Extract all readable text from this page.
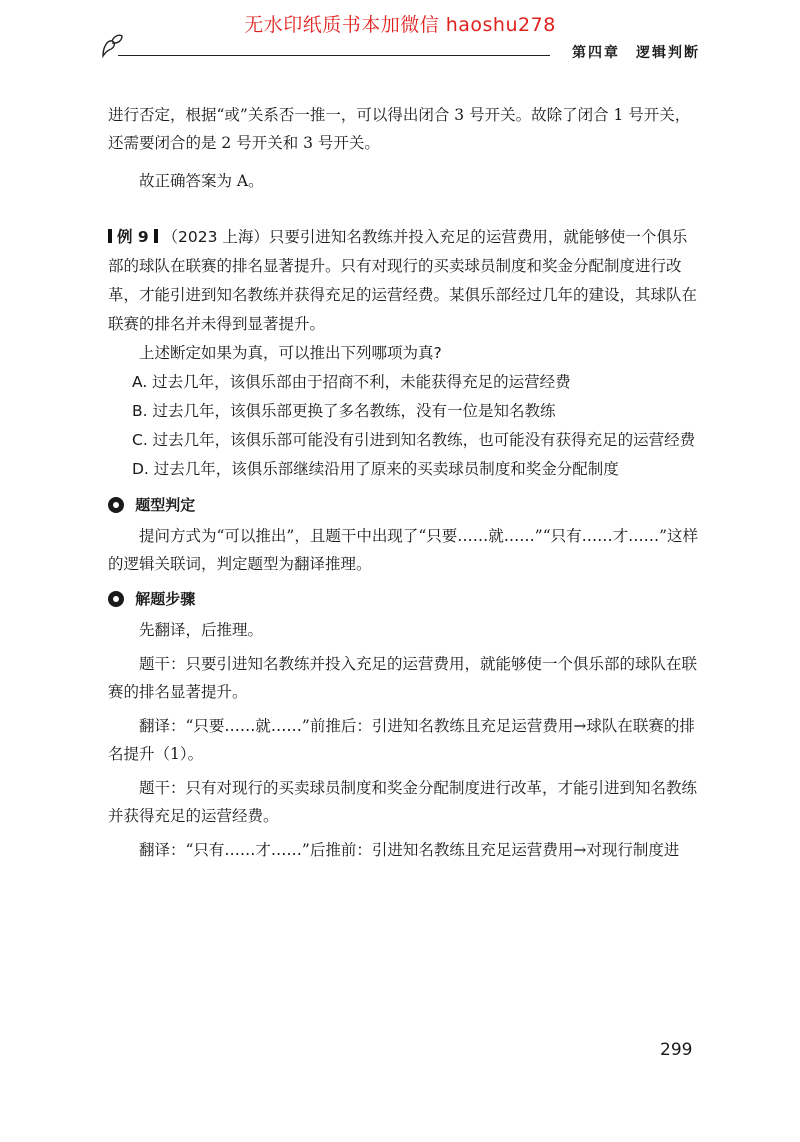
无水印纸质书本加微信 haoshu278
第四章　逻辑判断

进行否定，根据“或”关系否一推一，可以得出闭合 3 号开关。故除了闭合 1 号开关，还需要闭合的是 2 号开关和 3 号开关。

故正确答案为 A。

例 9 （2023 上海）只要引进知名教练并投入充足的运营费用，就能够使一个俱乐部的球队在联赛的排名显著提升。只有对现行的买卖球员制度和奖金分配制度进行改革，才能引进到知名教练并获得充足的运营经费。某俱乐部经过几年的建设，其球队在联赛的排名并未得到显著提升。

上述断定如果为真，可以推出下列哪项为真?

A. 过去几年，该俱乐部由于招商不利，未能获得充足的运营经费

B. 过去几年，该俱乐部更换了多名教练，没有一位是知名教练

C. 过去几年，该俱乐部可能没有引进到知名教练，也可能没有获得充足的运营经费

D. 过去几年，该俱乐部继续沿用了原来的买卖球员制度和奖金分配制度

题型判定

提问方式为“可以推出”，且题干中出现了“只要……就……”“只有……才……”这样的逻辑关联词，判定题型为翻译推理。

解题步骤

先翻译，后推理。

题干：只要引进知名教练并投入充足的运营费用，就能够使一个俱乐部的球队在联赛的排名显著提升。

翻译：“只要……就……”前推后：引进知名教练且充足运营费用→球队在联赛的排名提升（1）。

题干：只有对现行的买卖球员制度和奖金分配制度进行改革，才能引进到知名教练并获得充足的运营经费。

翻译：“只有……才……”后推前：引进知名教练且充足运营费用→对现行制度进

299
